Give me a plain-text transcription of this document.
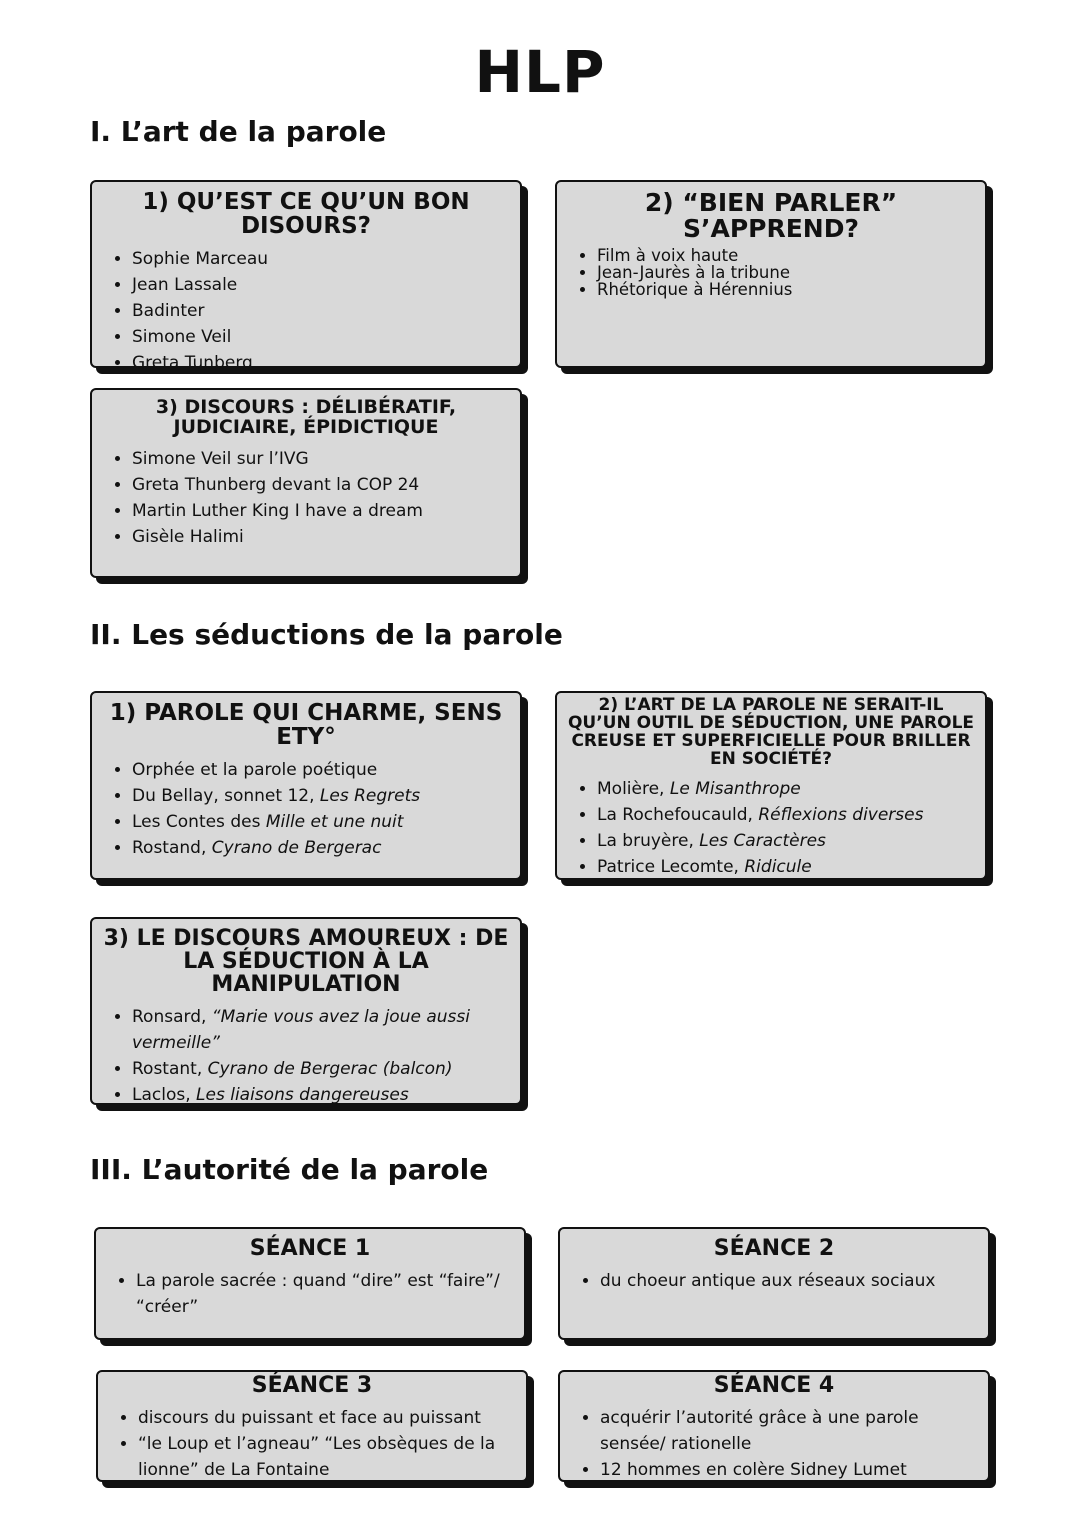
HLP
I. L’art de la parole
II. Les séductions de la parole
III. L’autorité de la parole
1) QU’EST CE QU’UN BON DISOURS?
• Sophie Marceau
• Jean Lassale
• Badinter
• Simone Veil
• Greta Tunberg
2) “BIEN PARLER” S’APPREND?
• Film à voix haute
• Jean-Jaurès à la tribune
• Rhétorique à Hérennius
3) DISCOURS : DÉLIBÉRATIF, JUDICIAIRE, ÉPIDICTIQUE
• Simone Veil sur l’IVG
• Greta Thunberg devant la COP 24
• Martin Luther King I have a dream
• Gisèle Halimi
1) PAROLE QUI CHARME, SENS ETY°
• Orphée et la parole poétique
• Du Bellay, sonnet 12, Les Regrets
• Les Contes des Mille et une nuit
• Rostand, Cyrano de Bergerac
2) L’ART DE LA PAROLE NE SERAIT-IL QU’UN OUTIL DE SÉDUCTION, UNE PAROLE CREUSE ET SUPERFICIELLE POUR BRILLER EN SOCIÉTÉ?
• Molière, Le Misanthrope
• La Rochefoucauld, Réflexions diverses
• La bruyère, Les Caractères
• Patrice Lecomte, Ridicule
3) LE DISCOURS AMOUREUX : DE LA SÉDUCTION À LA MANIPULATION
• Ronsard, “Marie vous avez la joue aussi vermeille”
• Rostant, Cyrano de Bergerac (balcon)
• Laclos, Les liaisons dangereuses
SÉANCE 1
• La parole sacrée : quand “dire” est “faire”/ “créer”
SÉANCE 2
• du choeur antique aux réseaux sociaux
SÉANCE 3
• discours du puissant et face au puissant
• “le Loup et l’agneau” “Les obsèques de la lionne” de La Fontaine
SÉANCE 4
• acquérir l’autorité grâce à une parole sensée/ rationelle
• 12 hommes en colère Sidney Lumet
